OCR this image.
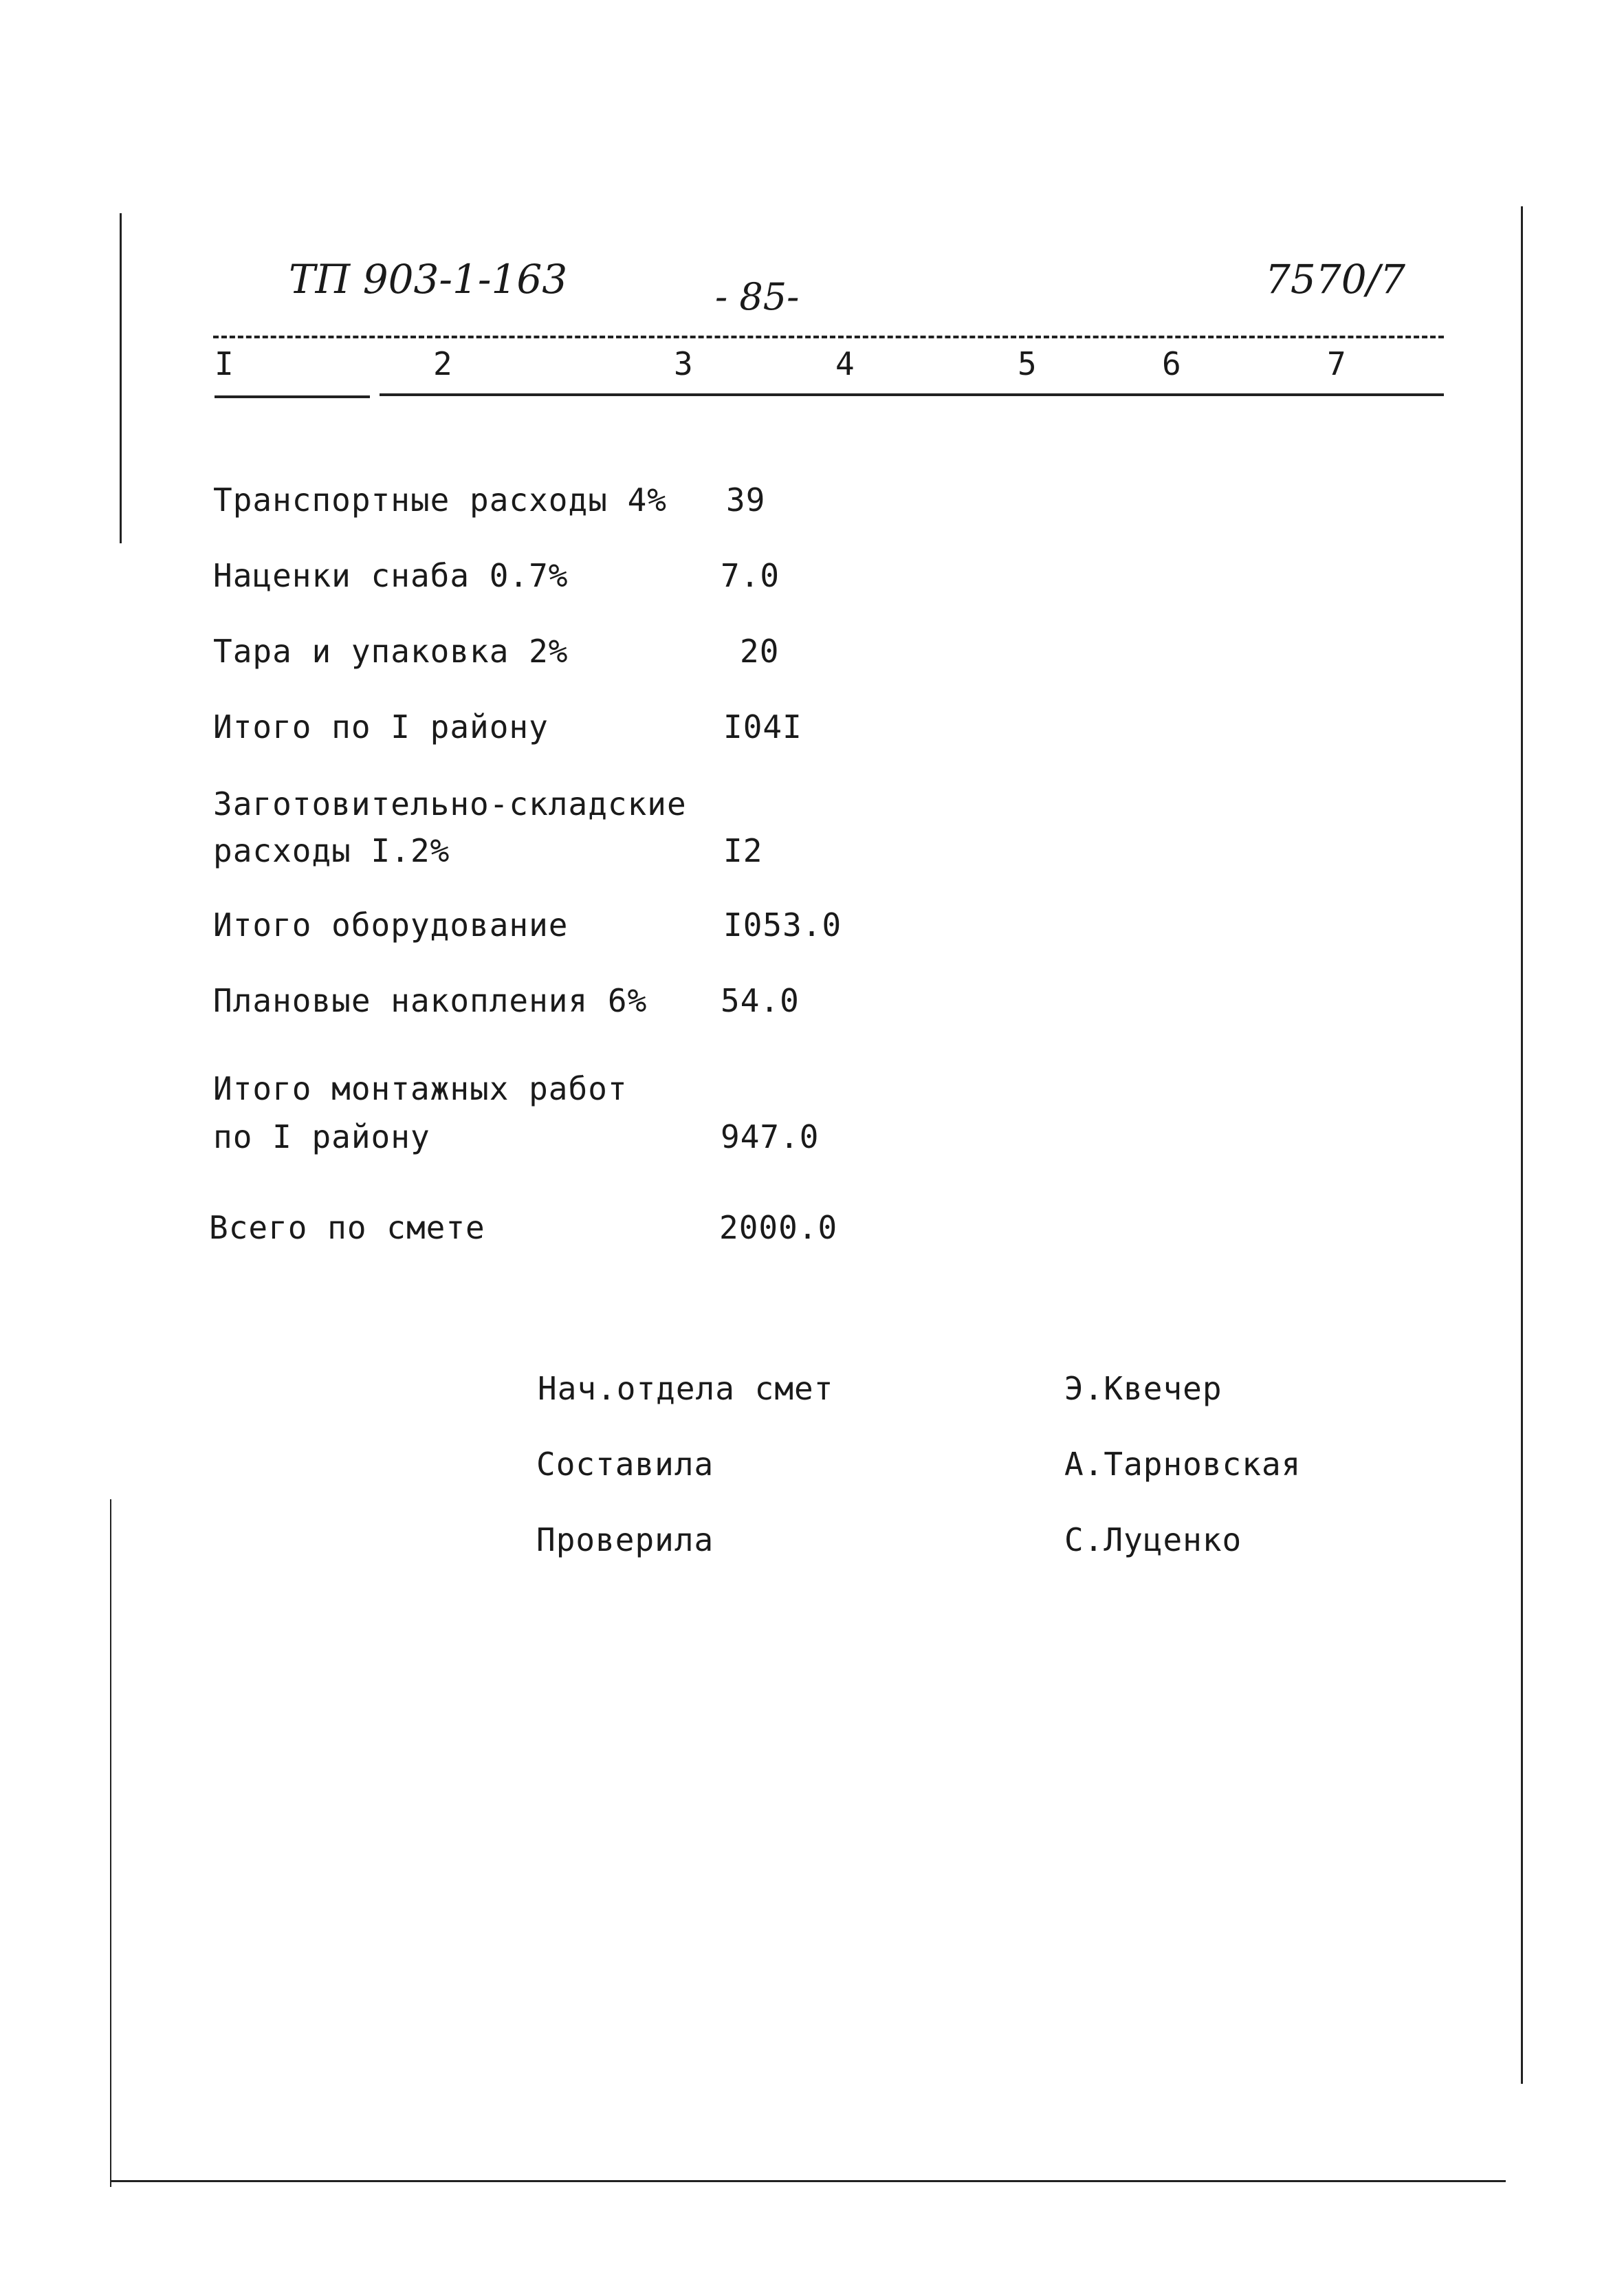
ТП 903-1-163	- 85-	7570/7
I	2	3	4	5	6	7
Транспортные расходы 4% 39
Наценки снаба 0.7%	7.0
Тара и упаковка 2%	20
Итого по I району	I04I
Заготовительно-складские
расходы I.2%	I2
Итого оборудование	I053.0
Плановые накопления 6% 54.0
Итого монтажных работ
по I району	947.0
Всего по смете	2000.0
Нач.отдела смет	Э.Квечер
Составила	А.Тарновская
Проверила	С.Луценко
